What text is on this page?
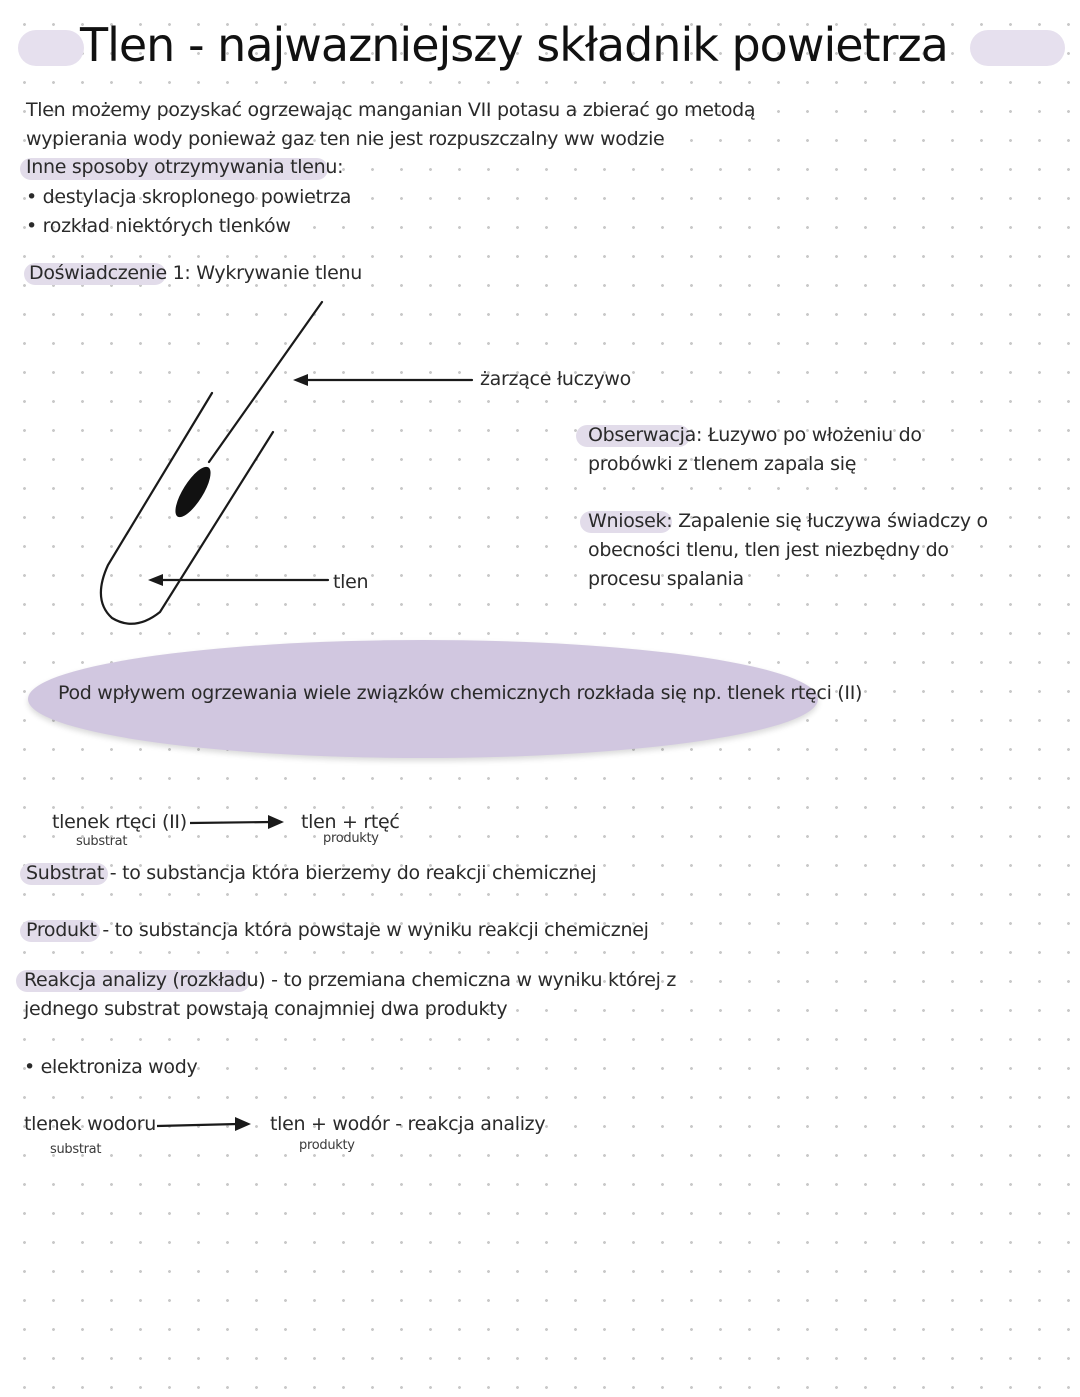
Tlen - najwazniejszy składnik powietrza
Tlen możemy pozyskać ogrzewając manganian VII potasu a zbierać go metodą
wypierania wody ponieważ gaz ten nie jest rozpuszczalny ww wodzie
Inne sposoby otrzymywania tlenu:
• destylacja skroplonego powietrza
• rozkład niektórych tlenków
Doświadczenie 1: Wykrywanie tlenu
żarzące łuczywo
tlen
Obserwacja: Łuzywo po włożeniu do
probówki z tlenem zapala się
Wniosek: Zapalenie się łuczywa świadczy o
obecności tlenu, tlen jest niezbędny do
procesu spalania
Pod wpływem ogrzewania wiele związków chemicznych rozkłada się np. tlenek rtęci (II)
tlenek rtęci (II)
substrat
tlen + rtęć
produkty
Substrat - to substancja która bierzemy do reakcji chemicznej
Produkt - to substancja która powstaje w wyniku reakcji chemicznej
Reakcja analizy (rozkładu) - to przemiana chemiczna w wyniku której z
jednego substrat powstają conajmniej dwa produkty
• elektroniza wody
tlenek wodoru
substrat
tlen + wodór - reakcja analizy
produkty
